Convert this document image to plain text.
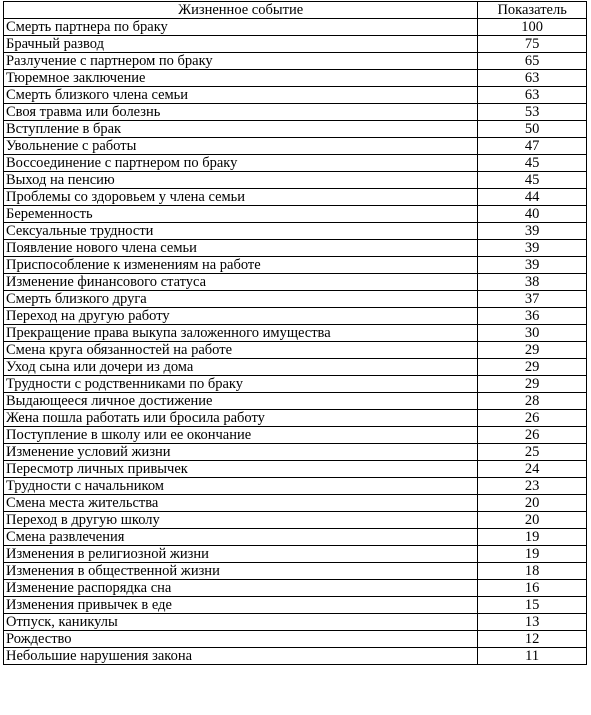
Жизненное событие	Показатель
Смерть партнера по браку	100
Брачный развод	75
Разлучение с партнером по браку	65
Тюремное заключение	63
Смерть близкого члена семьи	63
Своя травма или болезнь	53
Вступление в брак	50
Увольнение с работы	47
Воссоединение с партнером по браку	45
Выход на пенсию	45
Проблемы со здоровьем у члена семьи	44
Беременность	40
Сексуальные трудности	39
Появление нового члена семьи	39
Приспособление к изменениям на работе	39
Изменение финансового статуса	38
Смерть близкого друга	37
Переход на другую работу	36
Прекращение права выкупа заложенного имущества	30
Смена круга обязанностей на работе	29
Уход сына или дочери из дома	29
Трудности с родственниками по браку	29
Выдающееся личное достижение	28
Жена пошла работать или бросила работу	26
Поступление в школу или ее окончание	26
Изменение условий жизни	25
Пересмотр личных привычек	24
Трудности с начальником	23
Смена места жительства	20
Переход в другую школу	20
Смена развлечения	19
Изменения в религиозной жизни	19
Изменения в общественной жизни	18
Изменение распорядка сна	16
Изменения привычек в еде	15
Отпуск, каникулы	13
Рождество	12
Небольшие нарушения закона	11
